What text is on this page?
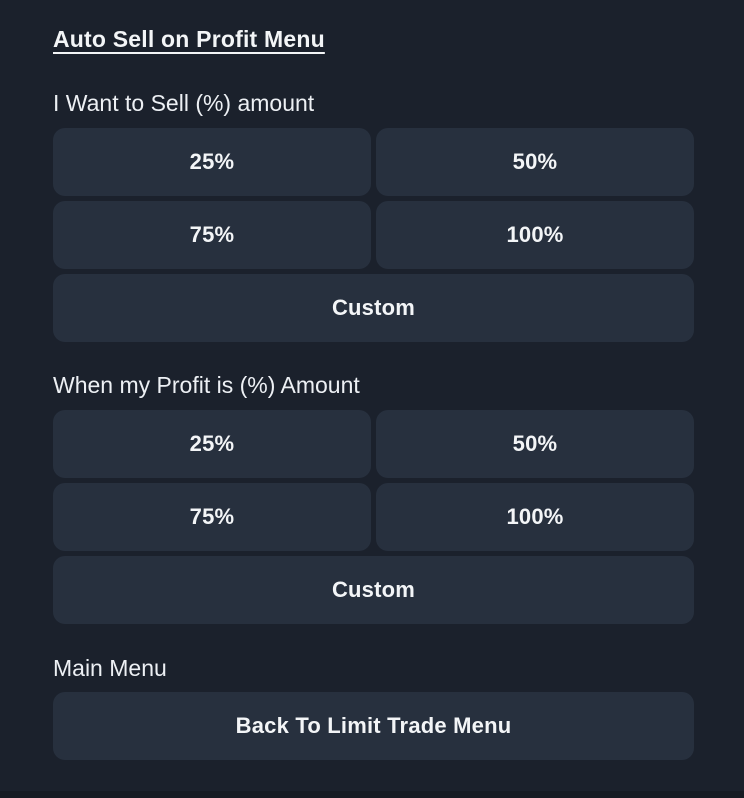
Auto Sell on Profit Menu
I Want to Sell (%) amount
25%	50%
75%	100%
Custom
When my Profit is (%) Amount
25%	50%
75%	100%
Custom
Main Menu
Back To Limit Trade Menu
